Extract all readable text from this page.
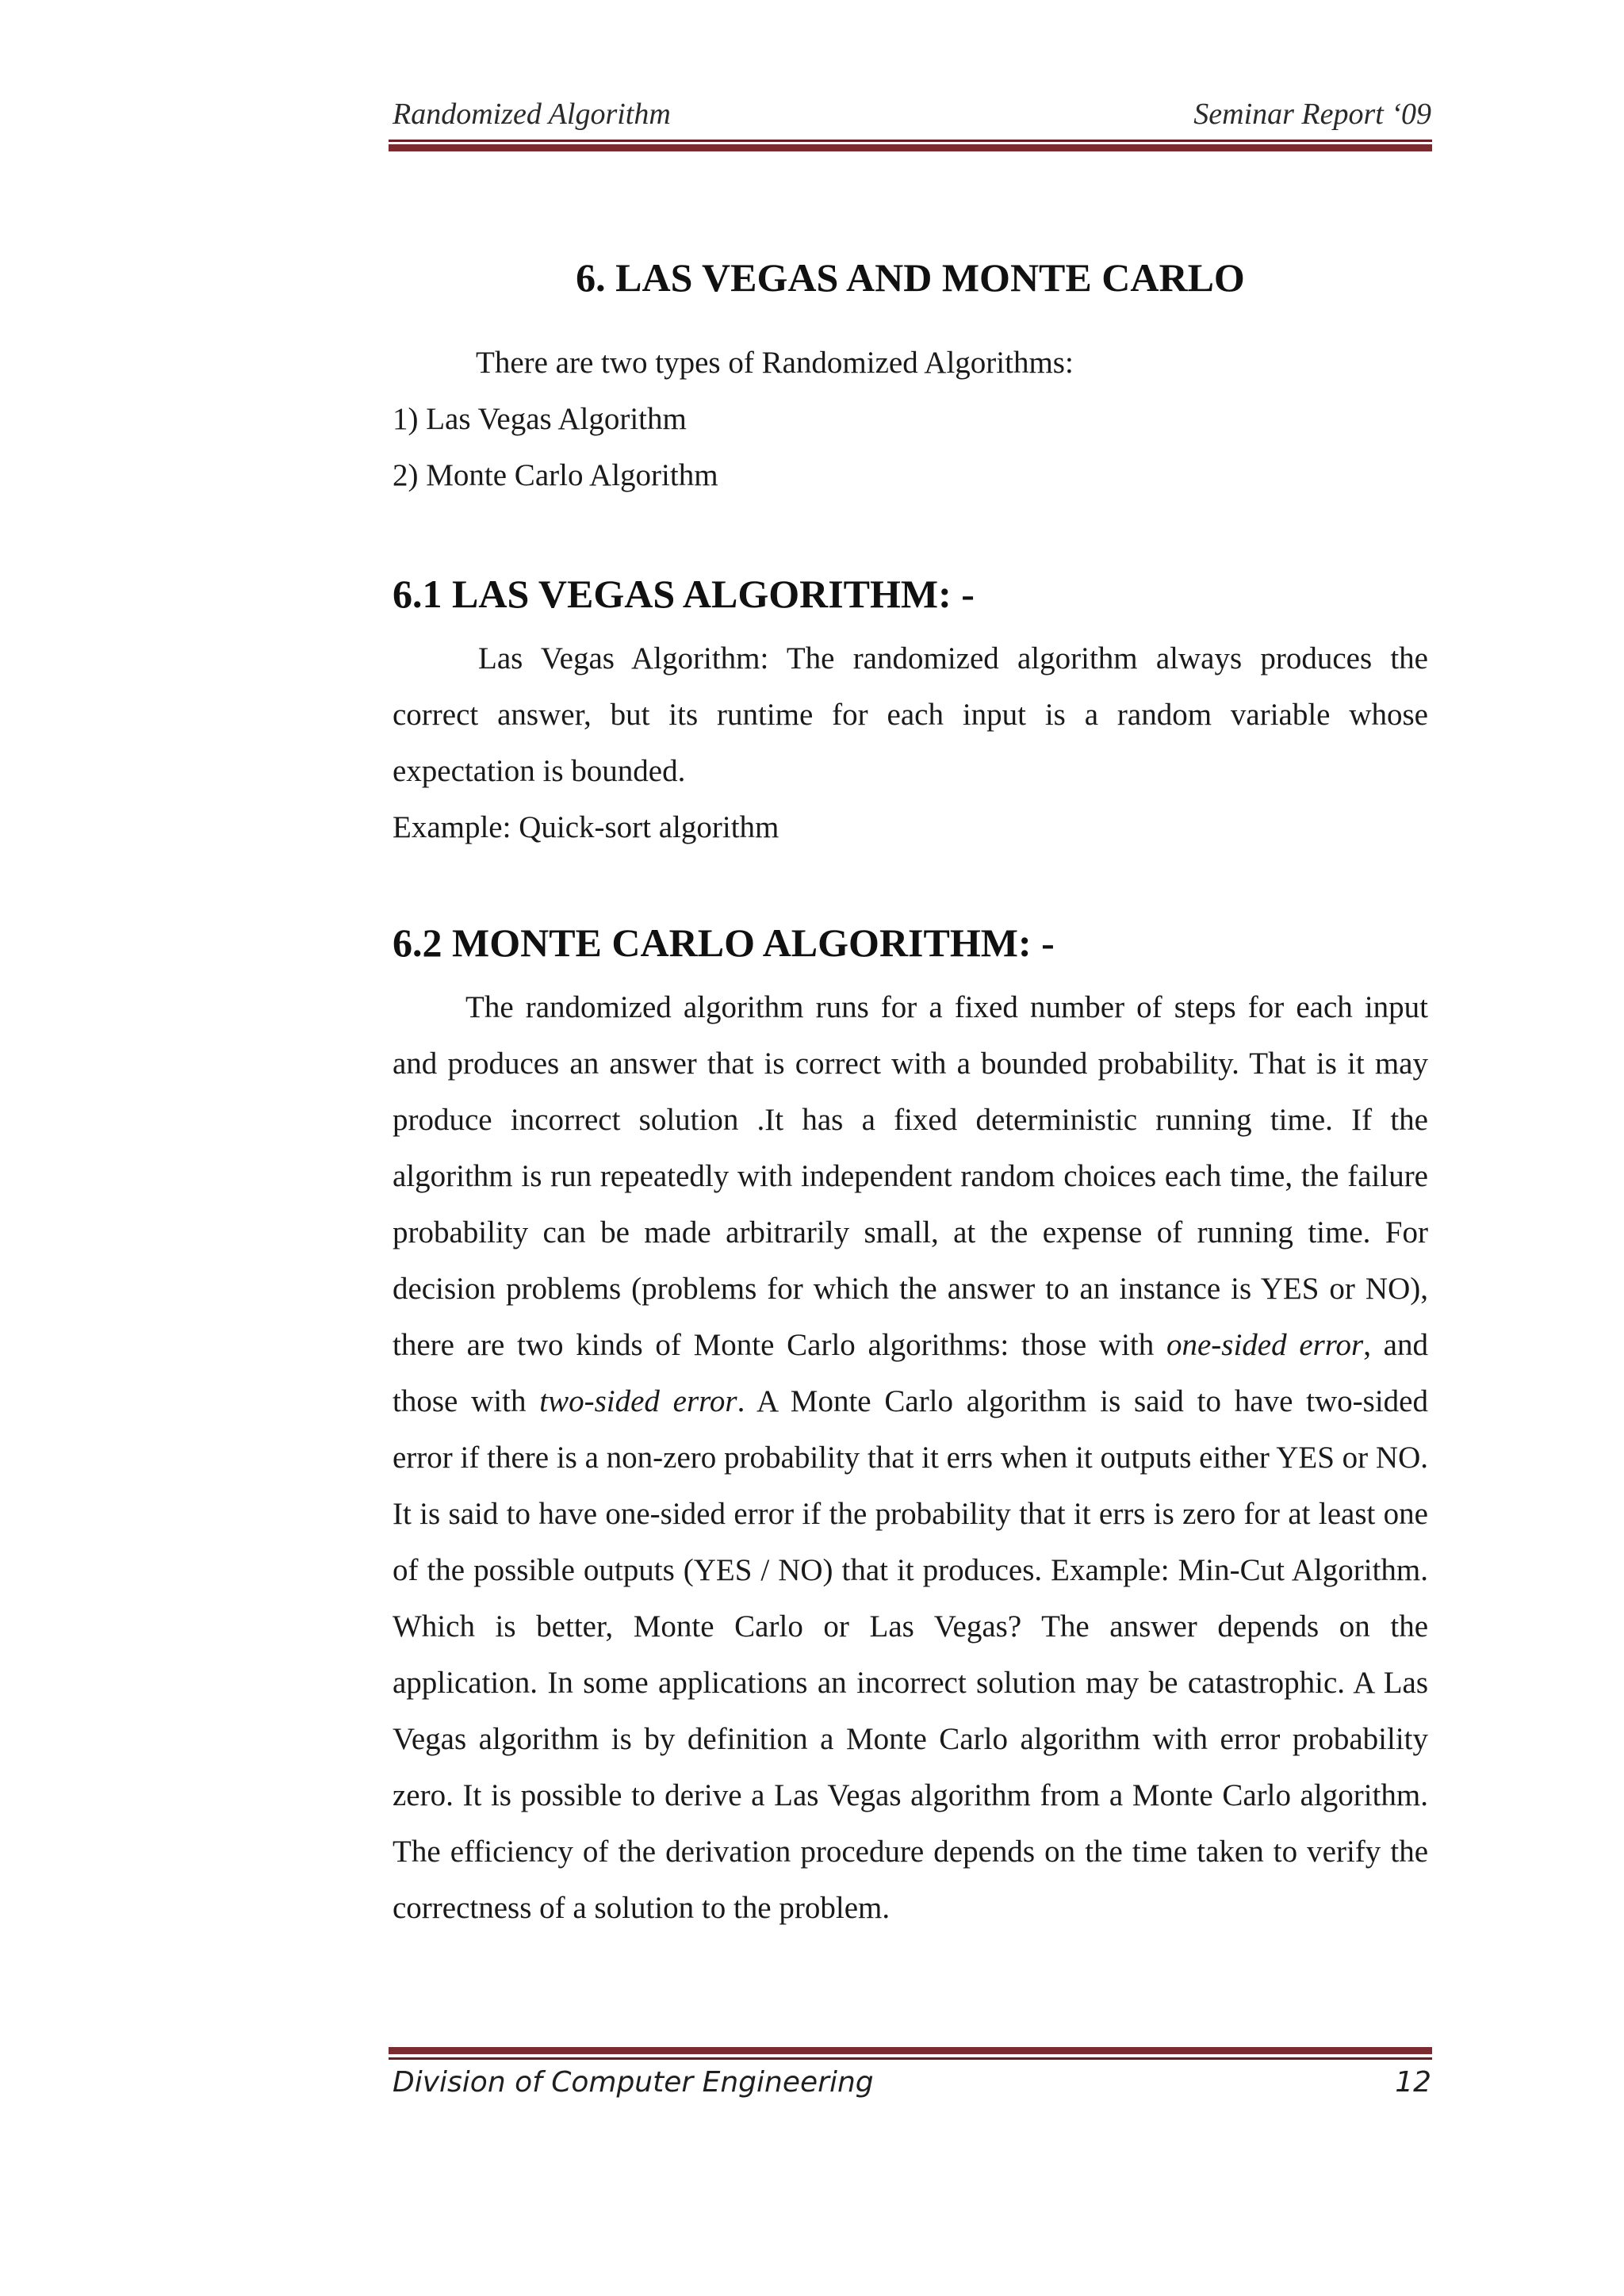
Randomized Algorithm	Seminar Report ‘09
6. LAS VEGAS AND MONTE CARLO

There are two types of Randomized Algorithms:

1) Las Vegas Algorithm

2) Monte Carlo Algorithm

6.1 LAS VEGAS ALGORITHM: -

Las Vegas Algorithm: The randomized algorithm always produces the correct answer, but its runtime for each input is a random variable whose expectation is bounded.

Example: Quick-sort algorithm

6.2 MONTE CARLO ALGORITHM: -

The randomized algorithm runs for a fixed number of steps for each input and produces an answer that is correct with a bounded probability. That is it may produce incorrect solution .It has a fixed deterministic running time. If the algorithm is run repeatedly with independent random choices each time, the failure probability can be made arbitrarily small, at the expense of running time. For decision problems (problems for which the answer to an instance is YES or NO), there are two kinds of Monte Carlo algorithms: those with one-sided error, and those with two-sided error. A Monte Carlo algorithm is said to have two-sided error if there is a non-zero probability that it errs when it outputs either YES or NO. It is said to have one-sided error if the probability that it errs is zero for at least one of the possible outputs (YES / NO) that it produces. Example: Min-Cut Algorithm. Which is better, Monte Carlo or Las Vegas? The answer depends on the application. In some applications an incorrect solution may be catastrophic. A Las Vegas algorithm is by definition a Monte Carlo algorithm with error probability zero. It is possible to derive a Las Vegas algorithm from a Monte Carlo algorithm. The efficiency of the derivation procedure depends on the time taken to verify the correctness of a solution to the problem.

Division of Computer Engineering	12
